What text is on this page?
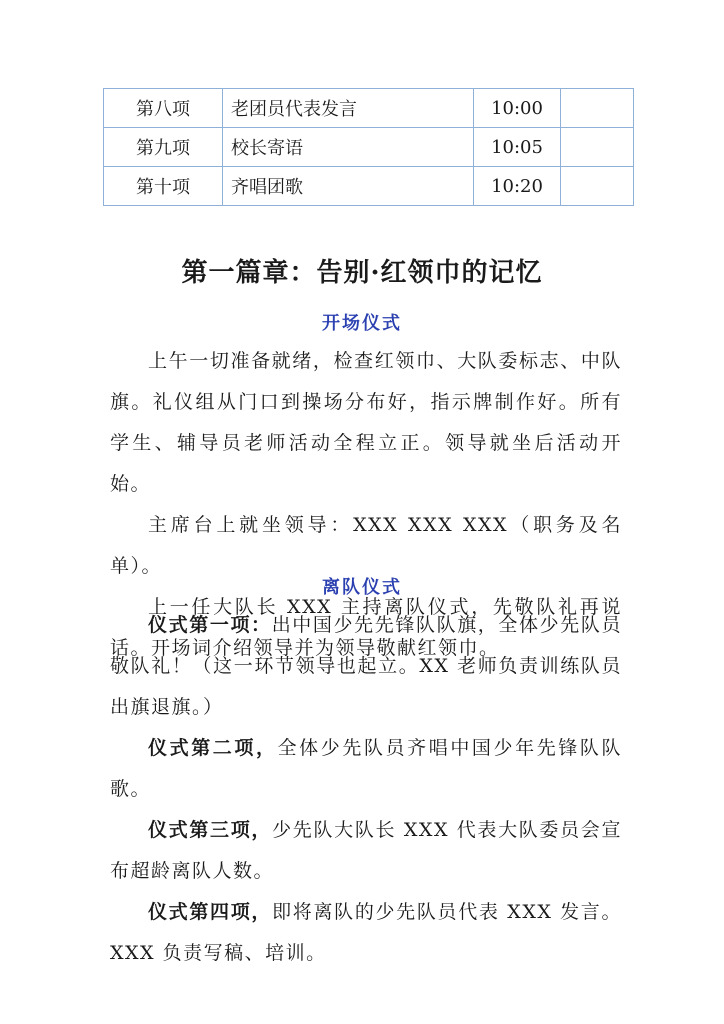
第八项	老团员代表发言	10:00	
第九项	校长寄语	10:05	
第十项	齐唱团歌	10:20	
第一篇章：告别·红领巾的记忆
开场仪式

上午一切准备就绪，检查红领巾、大队委标志、中队旗。礼仪组从门口到操场分布好，指示牌制作好。所有学生、辅导员老师活动全程立正。领导就坐后活动开始。

主席台上就坐领导：XXX XXX XXX（职务及名单）。

上一任大队长 XXX 主持离队仪式，先敬队礼再说话。开场词介绍领导并为领导敬献红领巾。

离队仪式

仪式第一项：出中国少先先锋队队旗，全体少先队员敬队礼！（这一环节领导也起立。XX 老师负责训练队员出旗退旗。）

仪式第二项，全体少先队员齐唱中国少年先锋队队歌。

仪式第三项，少先队大队长 XXX 代表大队委员会宣布超龄离队人数。

仪式第四项，即将离队的少先队员代表 XXX 发言。XXX 负责写稿、培训。
